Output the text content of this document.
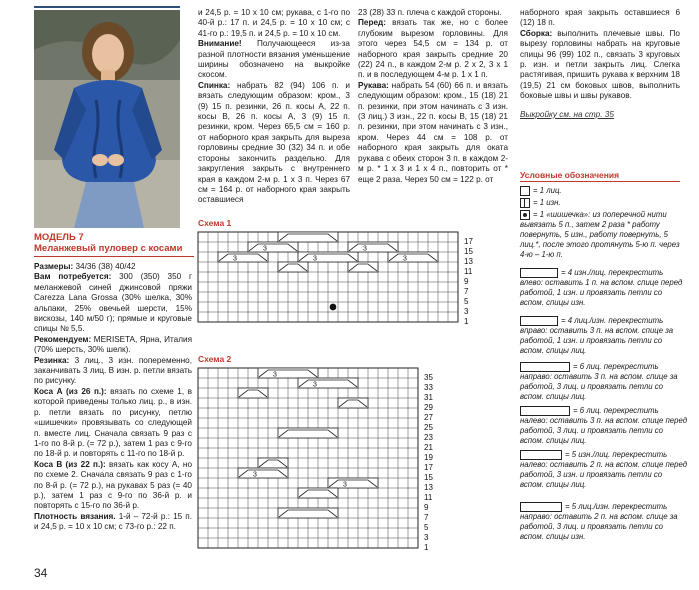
МОДЕЛЬ 7
Меланжевый пуловер с косами

Размеры: 34/36 (38) 40/42

Вам потребуется: 300 (350) 350 г меланжевой синей джинсовой пряжи Carezza Lana Grossa (30% шелка, 30% альпаки, 25% овечьей шерсти, 15% вискозы, 140 м/50 г); прямые и круговые спицы № 5,5.

Рекомендуем: MERISETA, Ярна, Италия (70% шерсть, 30% шелк).

Резинка: 3 лиц., 3 изн. попеременно, заканчивать 3 лиц. В изн. р. петли вязать по рисунку.

Коса А (из 26 п.): вязать по схеме 1, в которой приведены только лиц. р., в изн. р. петли вязать по рисунку, петлю «шишечки» провязывать со следующей п. вместе лиц. Сначала связать 9 раз с 1-го по 8-й р. (= 72 р.), затем 1 раз с 9-го по 18-й р. и повторять с 11-го по 18-й р.

Коса В (из 22 п.): вязать как косу А, но по схеме 2. Сначала связать 9 раз с 1-го по 8-й р. (= 72 р.), на рукавах 5 раз (= 40 р.), затем 1 раз с 9-го по 36-й р. и повторять с 15-го по 36-й р.

Плотность вязания. 1-й – 72-й р.: 15 п. и 24,5 р. = 10 х 10 см; с 73-го р.: 22 п.

и 24,5 р. = 10 х 10 см; рукава, с 1-го по 40-й р.: 17 п. и 24,5 р. = 10 х 10 см; с 41-го р.: 19,5 п. и 24,5 р. = 10 х 10 см.

Внимание! Получающееся из-за разной плотности вязания уменьшение ширины обозначено на выкройке скосом.

Спинка: набрать 82 (94) 106 п. и вязать следующим образом: кром., 3 (9) 15 п. резинки, 26 п. косы А, 22 п. косы В, 26 п. косы А, 3 (9) 15 п. резинки, кром. Через 65,5 см = 160 р. от наборного края закрыть для выреза горловины средние 30 (32) 34 п. и обе стороны закончить раздельно. Для закругления закрыть с внутреннего края в каждом 2-м р. 1 х 3 п. Через 67 см = 164 р. от наборного края закрыть оставшиеся

23 (28) 33 п. плеча с каждой стороны.

Перед: вязать так же, но с более глубоким вырезом горловины. Для этого через 54,5 см = 134 р. от наборного края закрыть средние 20 (22) 24 п., в каждом 2-м р. 2 х 2, 3 х 1 п. и в последующем 4-м р. 1 х 1 п.

Рукава: набрать 54 (60) 66 п. и вязать следующим образом: кром., 15 (18) 21 п. резинки, при этом начинать с 3 изн. (3 лиц.) 3 изн., 22 п. косы В, 15 (18) 21 п. резинки, при этом начинать с 3 изн., кром. Через 44 см = 108 р. от наборного края закрыть для оката рукава с обеих сторон 3 п. в каждом 2-м р. * 1 х 3 и 1 х 4 п., повторить от * еще 2 раза. Через 50 см = 122 р. от

наборного края закрыть оставшиеся 6 (12) 18 п.

Сборка: выполнить плечевые швы. По вырезу горловины набрать на круговые спицы 96 (99) 102 п., связать 3 круговых р. изн. и петли закрыть лиц. Слегка растягивая, пришить рукава к верхним 18 (19,5) 21 см боковых швов, выполнить боковые швы и швы рукавов.

Выкройку см. на стр. 35

Схема 1
3	3	3
3	3
17
15
13
11
9
7
5
3
1
Схема 2
3
3
3
3
35
33
31
29
27
25
23
21
19
17
15
13
11
9
7
5
3
1
Условные обозначения
= 1 лиц.
= 1 изн.
= 1 «шишечка»: из поперечной нити вывязать 5 п., затем 2 раза * работу повернуть, 5 изн., работу повернуть, 5 лиц.*, после этого протянуть 5-ю п. через 4-ю – 1-ю п.
= 4 изн./лиц. перекрестить влево: оставить 1 п. на вспом. спице перед работой, 1 изн. и провязать петли со вспом. спицы изн.
= 4 лиц./изн. перекрестить вправо: оставить 3 п. на вспом. спице за работой, 1 изн. и провязать петли со вспом. спицы лиц.
= 6 лиц. перекрестить направо: оставить 3 п. на вспом. спице за работой, 3 лиц. и провязать петли со вспом. спицы лиц.
= 6 лиц. перекрестить налево: оставить 3 п. на вспом. спице перед работой, 3 лиц. и провязать петли со вспом. спицы лиц.
= 5 изн./лиц. перекрестить налево: оставить 2 п. на вспом. спице перед работой, 3 изн. и провязать петли со вспом. спицы лиц.
= 5 лиц./изн. перекрестить направо: оставить 2 п. на вспом. спице за работой, 3 лиц. и провязать петли со вспом. спицы изн.
34
